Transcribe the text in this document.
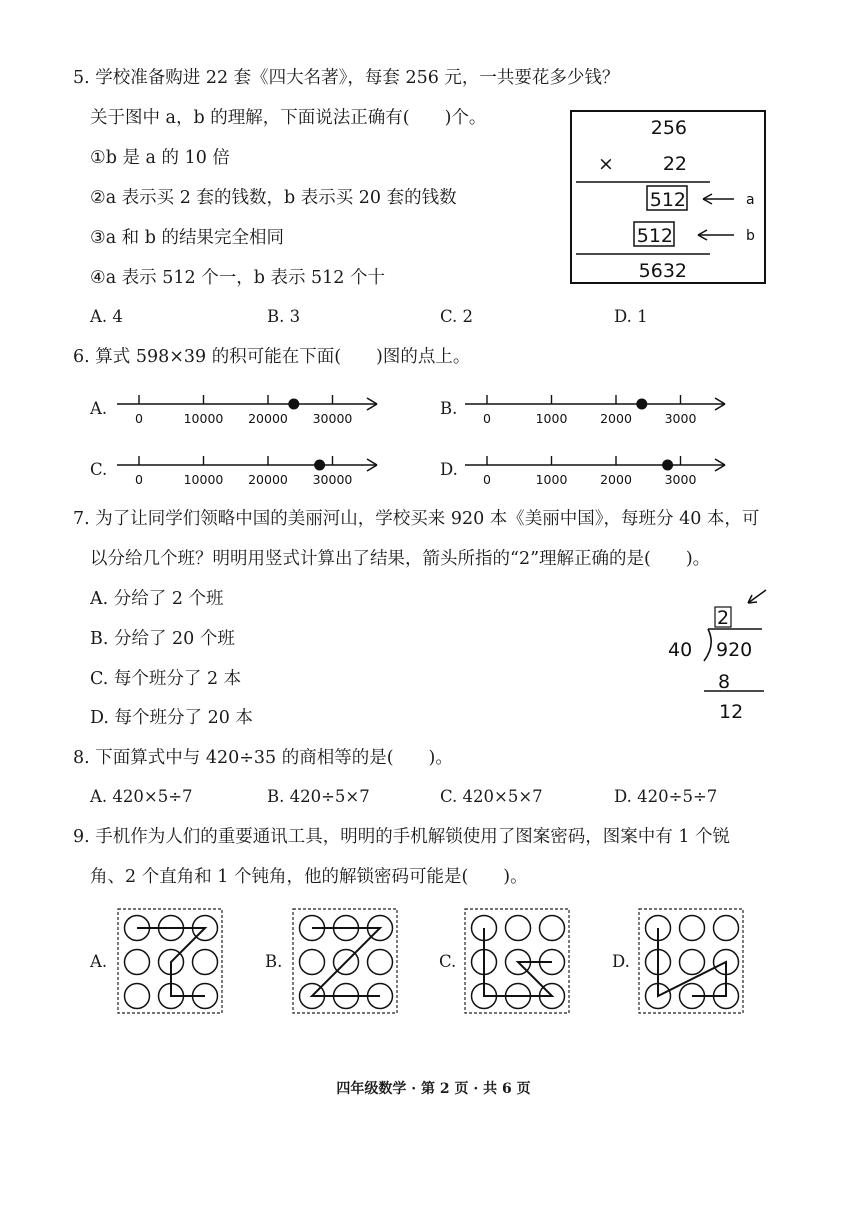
5. 学校准备购进 22 套《四大名著》，每套 256 元，一共要花多少钱？
关于图中 a，b 的理解，下面说法正确有(　　)个。
①b 是 a 的 10 倍
②a 表示买 2 套的钱数，b 表示买 20 套的钱数
③a 和 b 的结果完全相同
④a 表示 512 个一，b 表示 512 个十
A. 4	B. 3	C. 2	D. 1
256
×	22
512
512
a
b
5632
6. 算式 598×39 的积可能在下面(　　)图的点上。
A.
0	10000 20000 30000
B.
0	1000	2000	3000
C.
0	10000 20000 30000
D.
0	1000	2000	3000
7. 为了让同学们领略中国的美丽河山，学校买来 920 本《美丽中国》，每班分 40 本，可
以分给几个班？明明用竖式计算出了结果，箭头所指的“2”理解正确的是(　　)。
A. 分给了 2 个班
B. 分给了 20 个班
C. 每个班分了 2 本
D. 每个班分了 20 本
2
40 920
8
12
8. 下面算式中与 420÷35 的商相等的是(　　)。
A. 420×5÷7	B. 420÷5×7	C. 420×5×7	D. 420÷5÷7
9. 手机作为人们的重要通讯工具，明明的手机解锁使用了图案密码，图案中有 1 个锐
角、2 个直角和 1 个钝角，他的解锁密码可能是(　　)。
A.	B.	C.	D.
四年级数学 · 第 2 页 · 共 6 页
